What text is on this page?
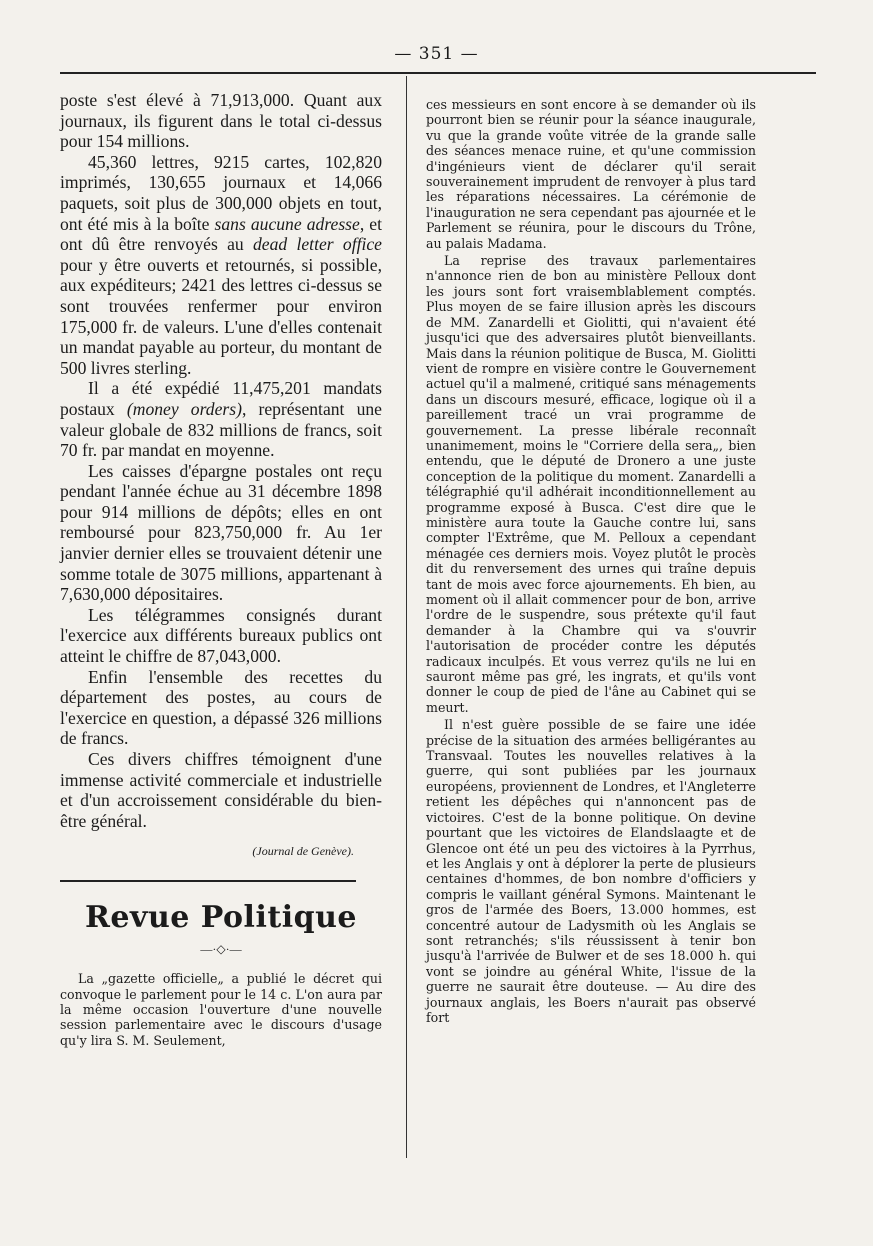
— 351 —

poste s'est élevé à 71,913,000. Quant aux journaux, ils figurent dans le total ci-dessus pour 154 millions.

45,360 lettres, 9215 cartes, 102,820 imprimés, 130,655 journaux et 14,066 paquets, soit plus de 300,000 objets en tout, ont été mis à la boîte sans aucune adresse, et ont dû être renvoyés au dead letter office pour y être ouverts et retournés, si possible, aux expéditeurs; 2421 des lettres ci-dessus se sont trouvées renfermer pour environ 175,000 fr. de valeurs. L'une d'elles contenait un mandat payable au porteur, du montant de 500 livres sterling.

Il a été expédié 11,475,201 mandats postaux (money orders), représentant une valeur globale de 832 millions de francs, soit 70 fr. par mandat en moyenne.

Les caisses d'épargne postales ont reçu pendant l'année échue au 31 décembre 1898 pour 914 millions de dépôts; elles en ont remboursé pour 823,750,000 fr. Au 1er janvier dernier elles se trouvaient détenir une somme totale de 3075 millions, appartenant à 7,630,000 dépositaires.

Les télégrammes consignés durant l'exercice aux différents bureaux publics ont atteint le chiffre de 87,043,000.

Enfin l'ensemble des recettes du département des postes, au cours de l'exercice en question, a dépassé 326 millions de francs.

Ces divers chiffres témoignent d'une immense activité commerciale et industrielle et d'un accroissement considérable du bien-être général.

(Journal de Genève).
Revue Politique
—·◇·—

La „gazette officielle„ a publié le décret qui convoque le parlement pour le 14 c. L'on aura par la même occasion l'ouverture d'une nouvelle session parlementaire avec le discours d'usage qu'y lira S. M. Seulement,

ces messieurs en sont encore à se demander où ils pourront bien se réunir pour la séance inaugurale, vu que la grande voûte vitrée de la grande salle des séances menace ruine, et qu'une commission d'ingénieurs vient de déclarer qu'il serait souverainement imprudent de renvoyer à plus tard les réparations nécessaires. La cérémonie de l'inauguration ne sera cependant pas ajournée et le Parlement se réunira, pour le discours du Trône, au palais Madama.

La reprise des travaux parlementaires n'annonce rien de bon au ministère Pelloux dont les jours sont fort vraisemblablement comptés. Plus moyen de se faire illusion après les discours de MM. Zanardelli et Giolitti, qui n'avaient été jusqu'ici que des adversaires plutôt bienveillants. Mais dans la réunion politique de Busca, M. Giolitti vient de rompre en visière contre le Gouvernement actuel qu'il a malmené, critiqué sans ménagements dans un discours mesuré, efficace, logique où il a pareillement tracé un vrai programme de gouvernement. La presse libérale reconnaît unanimement, moins le "Corriere della sera„, bien entendu, que le député de Dronero a une juste conception de la politique du moment. Zanardelli a télégraphié qu'il adhérait inconditionnellement au programme exposé à Busca. C'est dire que le ministère aura toute la Gauche contre lui, sans compter l'Extrême, que M. Pelloux a cependant ménagée ces derniers mois. Voyez plutôt le procès dit du renversement des urnes qui traîne depuis tant de mois avec force ajournements. Eh bien, au moment où il allait commencer pour de bon, arrive l'ordre de le suspendre, sous prétexte qu'il faut demander à la Chambre qui va s'ouvrir l'autorisation de procéder contre les députés radicaux inculpés. Et vous verrez qu'ils ne lui en sauront même pas gré, les ingrats, et qu'ils vont donner le coup de pied de l'âne au Cabinet qui se meurt.

Il n'est guère possible de se faire une idée précise de la situation des armées belligérantes au Transvaal. Toutes les nouvelles relatives à la guerre, qui sont publiées par les journaux européens, proviennent de Londres, et l'Angleterre retient les dépêches qui n'annoncent pas de victoires. C'est de la bonne politique. On devine pourtant que les victoires de Elandslaagte et de Glencoe ont été un peu des victoires à la Pyrrhus, et les Anglais y ont à déplorer la perte de plusieurs centaines d'hommes, de bon nombre d'officiers y compris le vaillant général Symons. Maintenant le gros de l'armée des Boers, 13.000 hommes, est concentré autour de Ladysmith où les Anglais se sont retranchés; s'ils réussissent à tenir bon jusqu'à l'arrivée de Bulwer et de ses 18.000 h. qui vont se joindre au général White, l'issue de la guerre ne saurait être douteuse. — Au dire des journaux anglais, les Boers n'aurait pas observé fort
